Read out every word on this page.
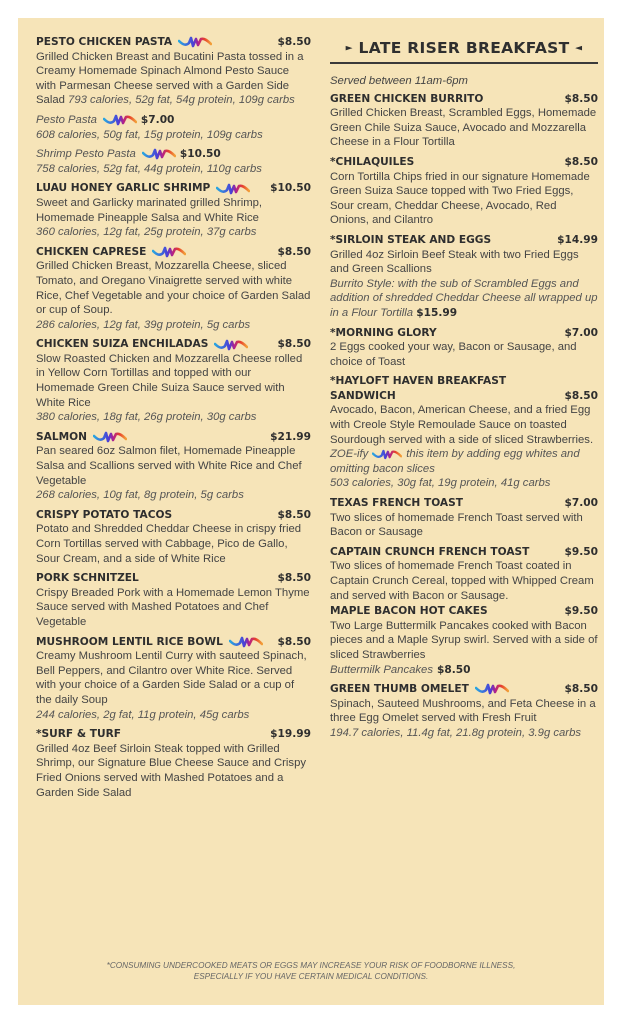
PESTO CHICKEN PASTA	$8.50
Grilled Chicken Breast and Bucatini Pasta tossed in a Creamy Homemade Spinach Almond Pesto Sauce with Parmesan Cheese served with a Garden Side Salad 793 calories, 52g fat, 54g protein, 109g carbs
Pesto Pasta	$7.00
608 calories, 50g fat, 15g protein, 109g carbs
Shrimp Pesto Pasta	$10.50
758 calories, 52g fat, 44g protein, 110g carbs
LUAU HONEY GARLIC SHRIMP	$10.50
Sweet and Garlicky marinated grilled Shrimp, Homemade Pineapple Salsa and White Rice
360 calories, 12g fat, 25g protein, 37g carbs
CHICKEN CAPRESE	$8.50
Grilled Chicken Breast, Mozzarella Cheese, sliced Tomato, and Oregano Vinaigrette served with white Rice, Chef Vegetable and your choice of Garden Salad or cup of Soup.
286 calories, 12g fat, 39g protein, 5g carbs
CHICKEN SUIZA ENCHILADAS	$8.50
Slow Roasted Chicken and Mozzarella Cheese rolled in Yellow Corn Tortillas and topped with our Homemade Green Chile Suiza Sauce served with White Rice
380 calories, 18g fat, 26g protein, 30g carbs
SALMON	$21.99
Pan seared 6oz Salmon filet, Homemade Pineapple Salsa and Scallions served with White Rice and Chef Vegetable
268 calories, 10g fat, 8g protein, 5g carbs
CRISPY POTATO TACOS	$8.50
Potato and Shredded Cheddar Cheese in crispy fried Corn Tortillas served with Cabbage, Pico de Gallo, Sour Cream, and a side of White Rice
PORK SCHNITZEL	$8.50
Crispy Breaded Pork with a Homemade Lemon Thyme Sauce served with Mashed Potatoes and Chef Vegetable
MUSHROOM LENTIL RICE BOWL	$8.50
Creamy Mushroom Lentil Curry with sauteed Spinach, Bell Peppers, and Cilantro over White Rice. Served with your choice of a Garden Side Salad or a cup of the daily Soup
244 calories, 2g fat, 11g protein, 45g carbs
*SURF & TURF	$19.99
Grilled 4oz Beef Sirloin Steak topped with Grilled Shrimp, our Signature Blue Cheese Sauce and Crispy Fried Onions served with Mashed Potatoes and a Garden Side Salad
► LATE RISER BREAKFAST ◄
Served between 11am-6pm
GREEN CHICKEN BURRITO	$8.50
Grilled Chicken Breast, Scrambled Eggs, Homemade Green Chile Suiza Sauce, Avocado and Mozzarella Cheese in a Flour Tortilla
*CHILAQUILES	$8.50
Corn Tortilla Chips fried in our signature Homemade Green Suiza Sauce topped with Two Fried Eggs, Sour cream, Cheddar Cheese, Avocado, Red Onions, and Cilantro
*SIRLOIN STEAK AND EGGS	$14.99
Grilled 4oz Sirloin Beef Steak with two Fried Eggs and Green Scallions
Burrito Style: with the sub of Scrambled Eggs and addition of shredded Cheddar Cheese all wrapped up in a Flour Tortilla $15.99
*MORNING GLORY	$7.00
2 Eggs cooked your way, Bacon or Sausage, and choice of Toast
*HAYLOFT HAVEN BREAKFAST
SANDWICH	$8.50
Avocado, Bacon, American Cheese, and a fried Egg with Creole Style Remoulade Sauce on toasted Sourdough served with a side of sliced Strawberries.
ZOE-ify	this item by adding egg whites and omitting bacon slices
503 calories, 30g fat, 19g protein, 41g carbs
TEXAS FRENCH TOAST	$7.00
Two slices of homemade French Toast served with Bacon or Sausage
CAPTAIN CRUNCH FRENCH TOAST	$9.50
Two slices of homemade French Toast coated in Captain Crunch Cereal, topped with Whipped Cream and served with Bacon or Sausage.
MAPLE BACON HOT CAKES	$9.50
Two Large Buttermilk Pancakes cooked with Bacon pieces and a Maple Syrup swirl. Served with a side of sliced Strawberries
Buttermilk Pancakes $8.50
GREEN THUMB OMELET	$8.50
Spinach, Sauteed Mushrooms, and Feta Cheese in a three Egg Omelet served with Fresh Fruit
194.7 calories, 11.4g fat, 21.8g protein, 3.9g carbs
*CONSUMING UNDERCOOKED MEATS OR EGGS MAY INCREASE YOUR RISK OF FOODBORNE ILLNESS,
ESPECIALLY IF YOU HAVE CERTAIN MEDICAL CONDITIONS.
